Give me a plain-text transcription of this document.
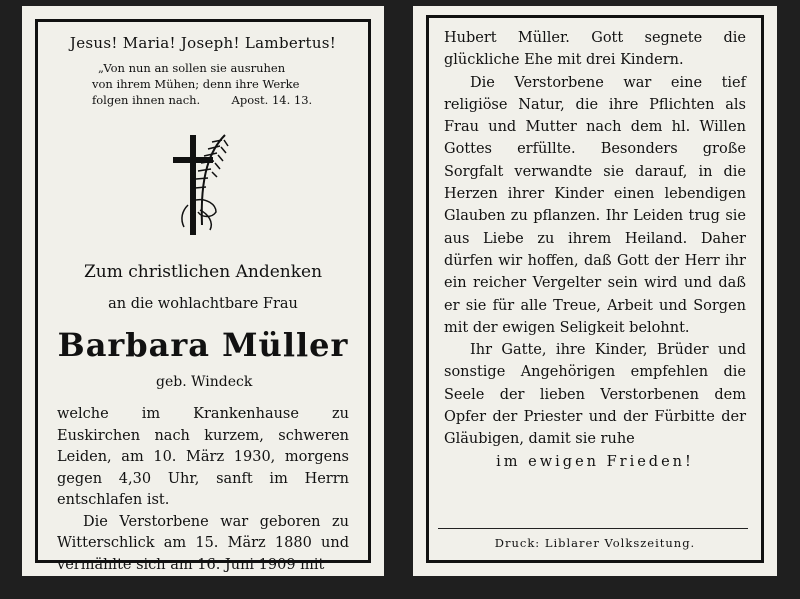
Jesus! Maria! Joseph! Lambertus!

„Von nun an sollen sie ausruhen

von ihrem Mühen; denn ihre Werke

folgen ihnen nach.	Apost. 14. 13.

Zum christlichen Andenken
an die wohlachtbare Frau
Barbara Müller
geb. Windeck

welche im Krankenhause zu Euskirchen nach kurzem, schweren Leiden, am 10. März 1930, morgens gegen 4,30 Uhr, sanft im Herrn entschlafen ist.

Die Verstorbene war geboren zu Witterschlick am 15. März 1880 und vermählte sich am 16. Juni 1909 mit

Hubert Müller. Gott segnete die glückliche Ehe mit drei Kindern.

Die Verstorbene war eine tief religiöse Natur, die ihre Pflichten als Frau und Mutter nach dem hl. Willen Gottes erfüllte. Besonders große Sorgfalt verwandte sie darauf, in die Herzen ihrer Kinder einen lebendigen Glauben zu pflanzen. Ihr Leiden trug sie aus Liebe zu ihrem Heiland. Daher dürfen wir hoffen, daß Gott der Herr ihr ein reicher Vergelter sein wird und daß er sie für alle Treue, Arbeit und Sorgen mit der ewigen Seligkeit belohnt.

Ihr Gatte, ihre Kinder, Brüder und sonstige Angehörigen empfehlen die Seele der lieben Verstorbenen dem Opfer der Priester und der Fürbitte der Gläubigen, damit sie ruhe

im ewigen Frieden!

Druck: Liblarer Volkszeitung.
